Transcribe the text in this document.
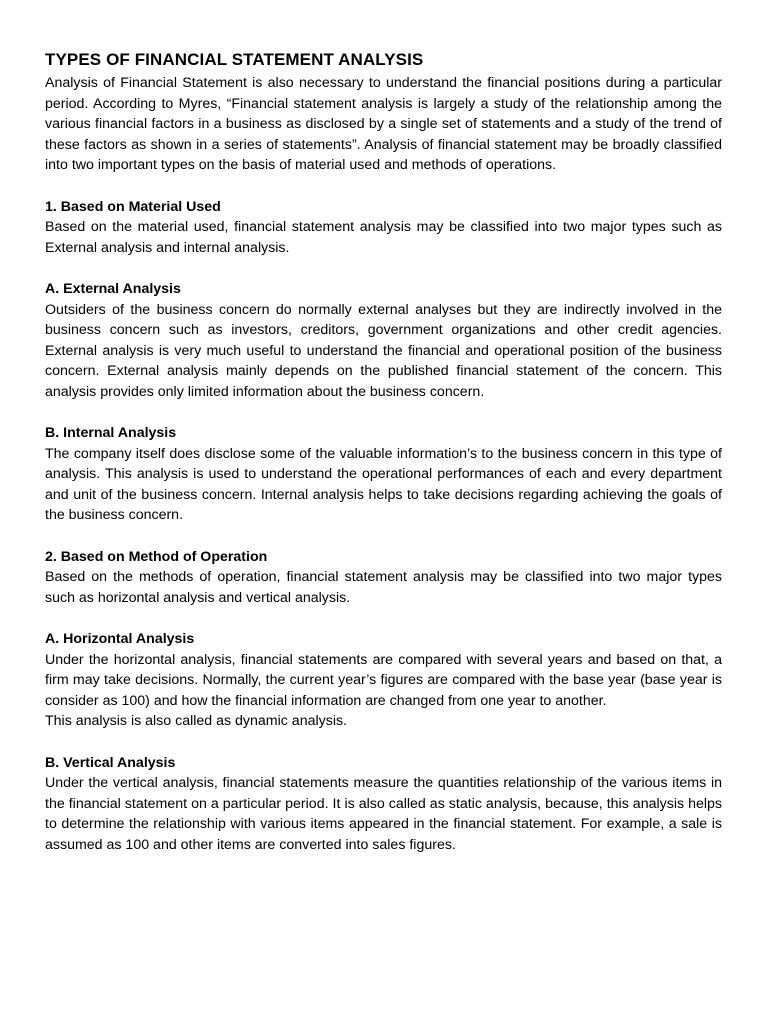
TYPES OF FINANCIAL STATEMENT ANALYSIS

Analysis of Financial Statement is also necessary to understand the financial positions during a particular period. According to Myres, “Financial statement analysis is largely a study of the relationship among the various financial factors in a business as disclosed by a single set of statements and a study of the trend of these factors as shown in a series of statements”. Analysis of financial statement may be broadly classified into two important types on the basis of material used and methods of operations.

1. Based on Material Used

Based on the material used, financial statement analysis may be classified into two major types such as External analysis and internal analysis.

A. External Analysis

Outsiders of the business concern do normally external analyses but they are indirectly involved in the business concern such as investors, creditors, government organizations and other credit agencies. External analysis is very much useful to understand the financial and operational position of the business concern. External analysis mainly depends on the published financial statement of the concern. This analysis provides only limited information about the business concern.

B. Internal Analysis

The company itself does disclose some of the valuable information’s to the business concern in this type of analysis. This analysis is used to understand the operational performances of each and every department and unit of the business concern. Internal analysis helps to take decisions regarding achieving the goals of the business concern.

2. Based on Method of Operation

Based on the methods of operation, financial statement analysis may be classified into two major types such as horizontal analysis and vertical analysis.

A. Horizontal Analysis

Under the horizontal analysis, financial statements are compared with several years and based on that, a firm may take decisions. Normally, the current year’s figures are compared with the base year (base year is consider as 100) and how the financial information are changed from one year to another.

This analysis is also called as dynamic analysis.

B. Vertical Analysis

Under the vertical analysis, financial statements measure the quantities relationship of the various items in the financial statement on a particular period. It is also called as static analysis, because, this analysis helps to determine the relationship with various items appeared in the financial statement. For example, a sale is assumed as 100 and other items are converted into sales figures.
